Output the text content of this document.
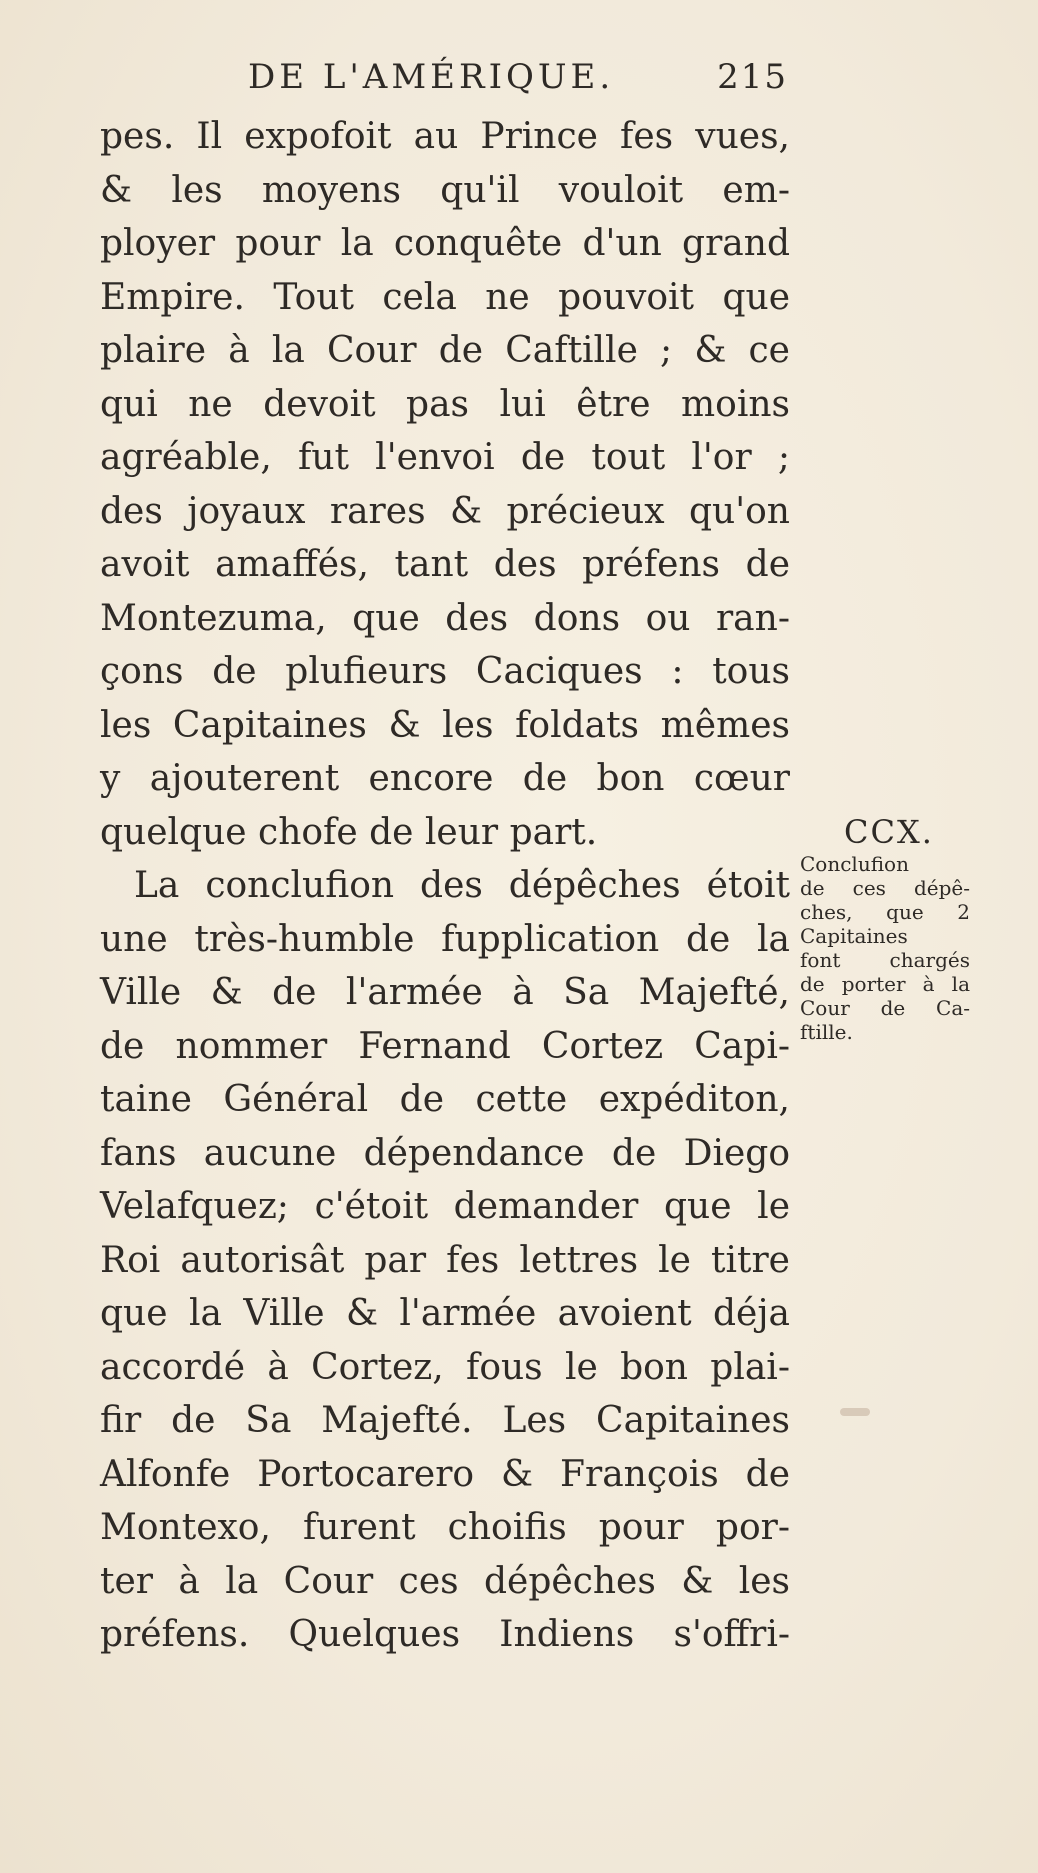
DE L'AMÉRIQUE.	215
pes. Il expofoit au Prince fes vues,
& les moyens qu'il vouloit em-
ployer pour la conquête d'un grand
Empire. Tout cela ne pouvoit que
plaire à la Cour de Caftille ; & ce
qui ne devoit pas lui être moins
agréable, fut l'envoi de tout l'or ;
des joyaux rares & précieux qu'on
avoit amaffés, tant des préfens de
Montezuma, que des dons ou ran-
çons de plufieurs Caciques : tous
les Capitaines & les foldats mêmes
y ajouterent encore de bon cœur
quelque chofe de leur part.
La conclufion des dépêches étoit
une très-humble fupplication de la
Ville & de l'armée à Sa Majefté,
de nommer Fernand Cortez Capi-
taine Général de cette expéditon,
fans aucune dépendance de Diego
Velafquez; c'étoit demander que le
Roi autorisât par fes lettres le titre
que la Ville & l'armée avoient déja
accordé à Cortez, fous le bon plai-
fir de Sa Majefté. Les Capitaines
Alfonfe Portocarero & François de
Montexo, furent choifis pour por-
ter à la Cour ces dépêches & les
préfens. Quelques Indiens s'offri-
CCX.
Conclufion
de ces dépê-
ches, que 2
Capitaines
font chargés
de porter à la
Cour de Ca-
ftille.
